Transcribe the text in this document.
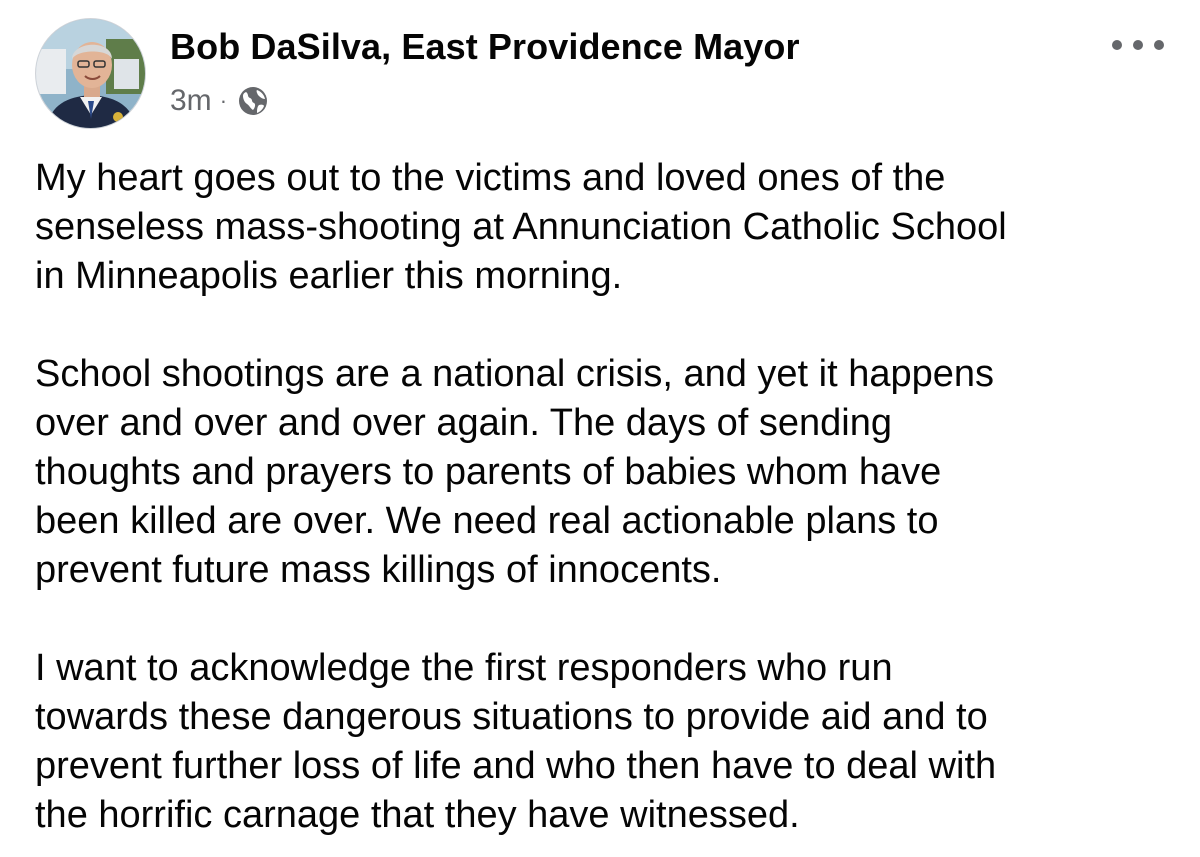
Bob DaSilva, East Providence Mayor
3m ·
My heart goes out to the victims and loved ones of the
senseless mass-shooting at Annunciation Catholic School
in Minneapolis earlier this morning.
School shootings are a national crisis, and yet it happens
over and over and over again. The days of sending
thoughts and prayers to parents of babies whom have
been killed are over. We need real actionable plans to
prevent future mass killings of innocents.
I want to acknowledge the first responders who run
towards these dangerous situations to provide aid and to
prevent further loss of life and who then have to deal with
the horrific carnage that they have witnessed.
